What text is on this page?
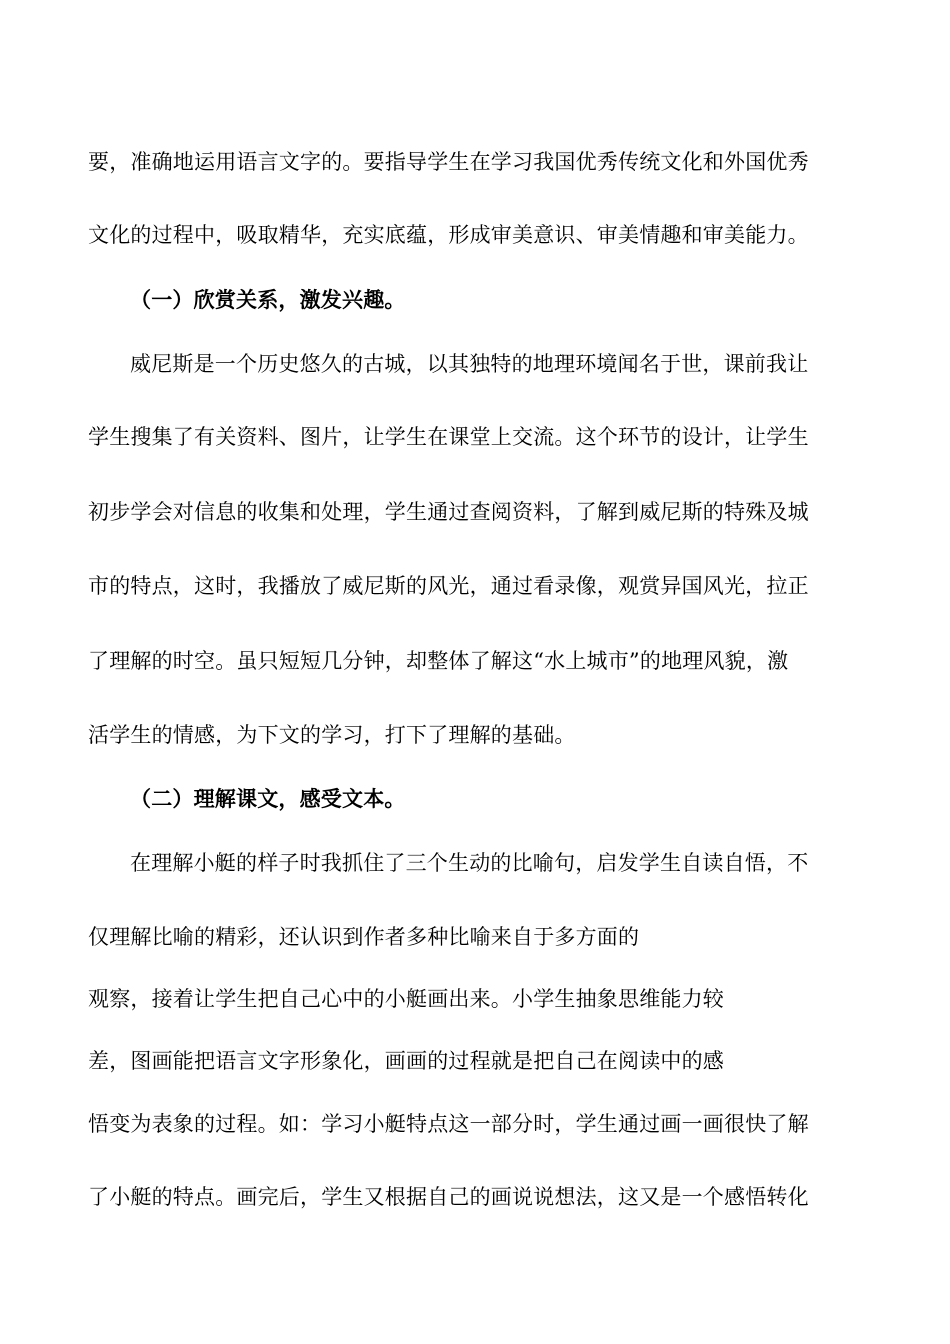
要，准确地运用语言文字的。要指导学生在学习我国优秀传统文化和外国优秀

文化的过程中，吸取精华，充实底蕴，形成审美意识、审美情趣和审美能力。

（一）欣赏关系，激发兴趣。

威尼斯是一个历史悠久的古城，以其独特的地理环境闻名于世，课前我让

学生搜集了有关资料、图片，让学生在课堂上交流。这个环节的设计，让学生

初步学会对信息的收集和处理，学生通过查阅资料，了解到威尼斯的特殊及城

市的特点，这时，我播放了威尼斯的风光，通过看录像，观赏异国风光，拉正

了理解的时空。虽只短短几分钟，却整体了解这“水上城市”的地理风貌，激

活学生的情感，为下文的学习，打下了理解的基础。

（二）理解课文，感受文本。

在理解小艇的样子时我抓住了三个生动的比喻句，启发学生自读自悟，不

仅理解比喻的精彩，还认识到作者多种比喻来自于多方面的

观察，接着让学生把自己心中的小艇画出来。小学生抽象思维能力较

差，图画能把语言文字形象化，画画的过程就是把自己在阅读中的感

悟变为表象的过程。如：学习小艇特点这一部分时，学生通过画一画很快了解

了小艇的特点。画完后，学生又根据自己的画说说想法，这又是一个感悟转化
